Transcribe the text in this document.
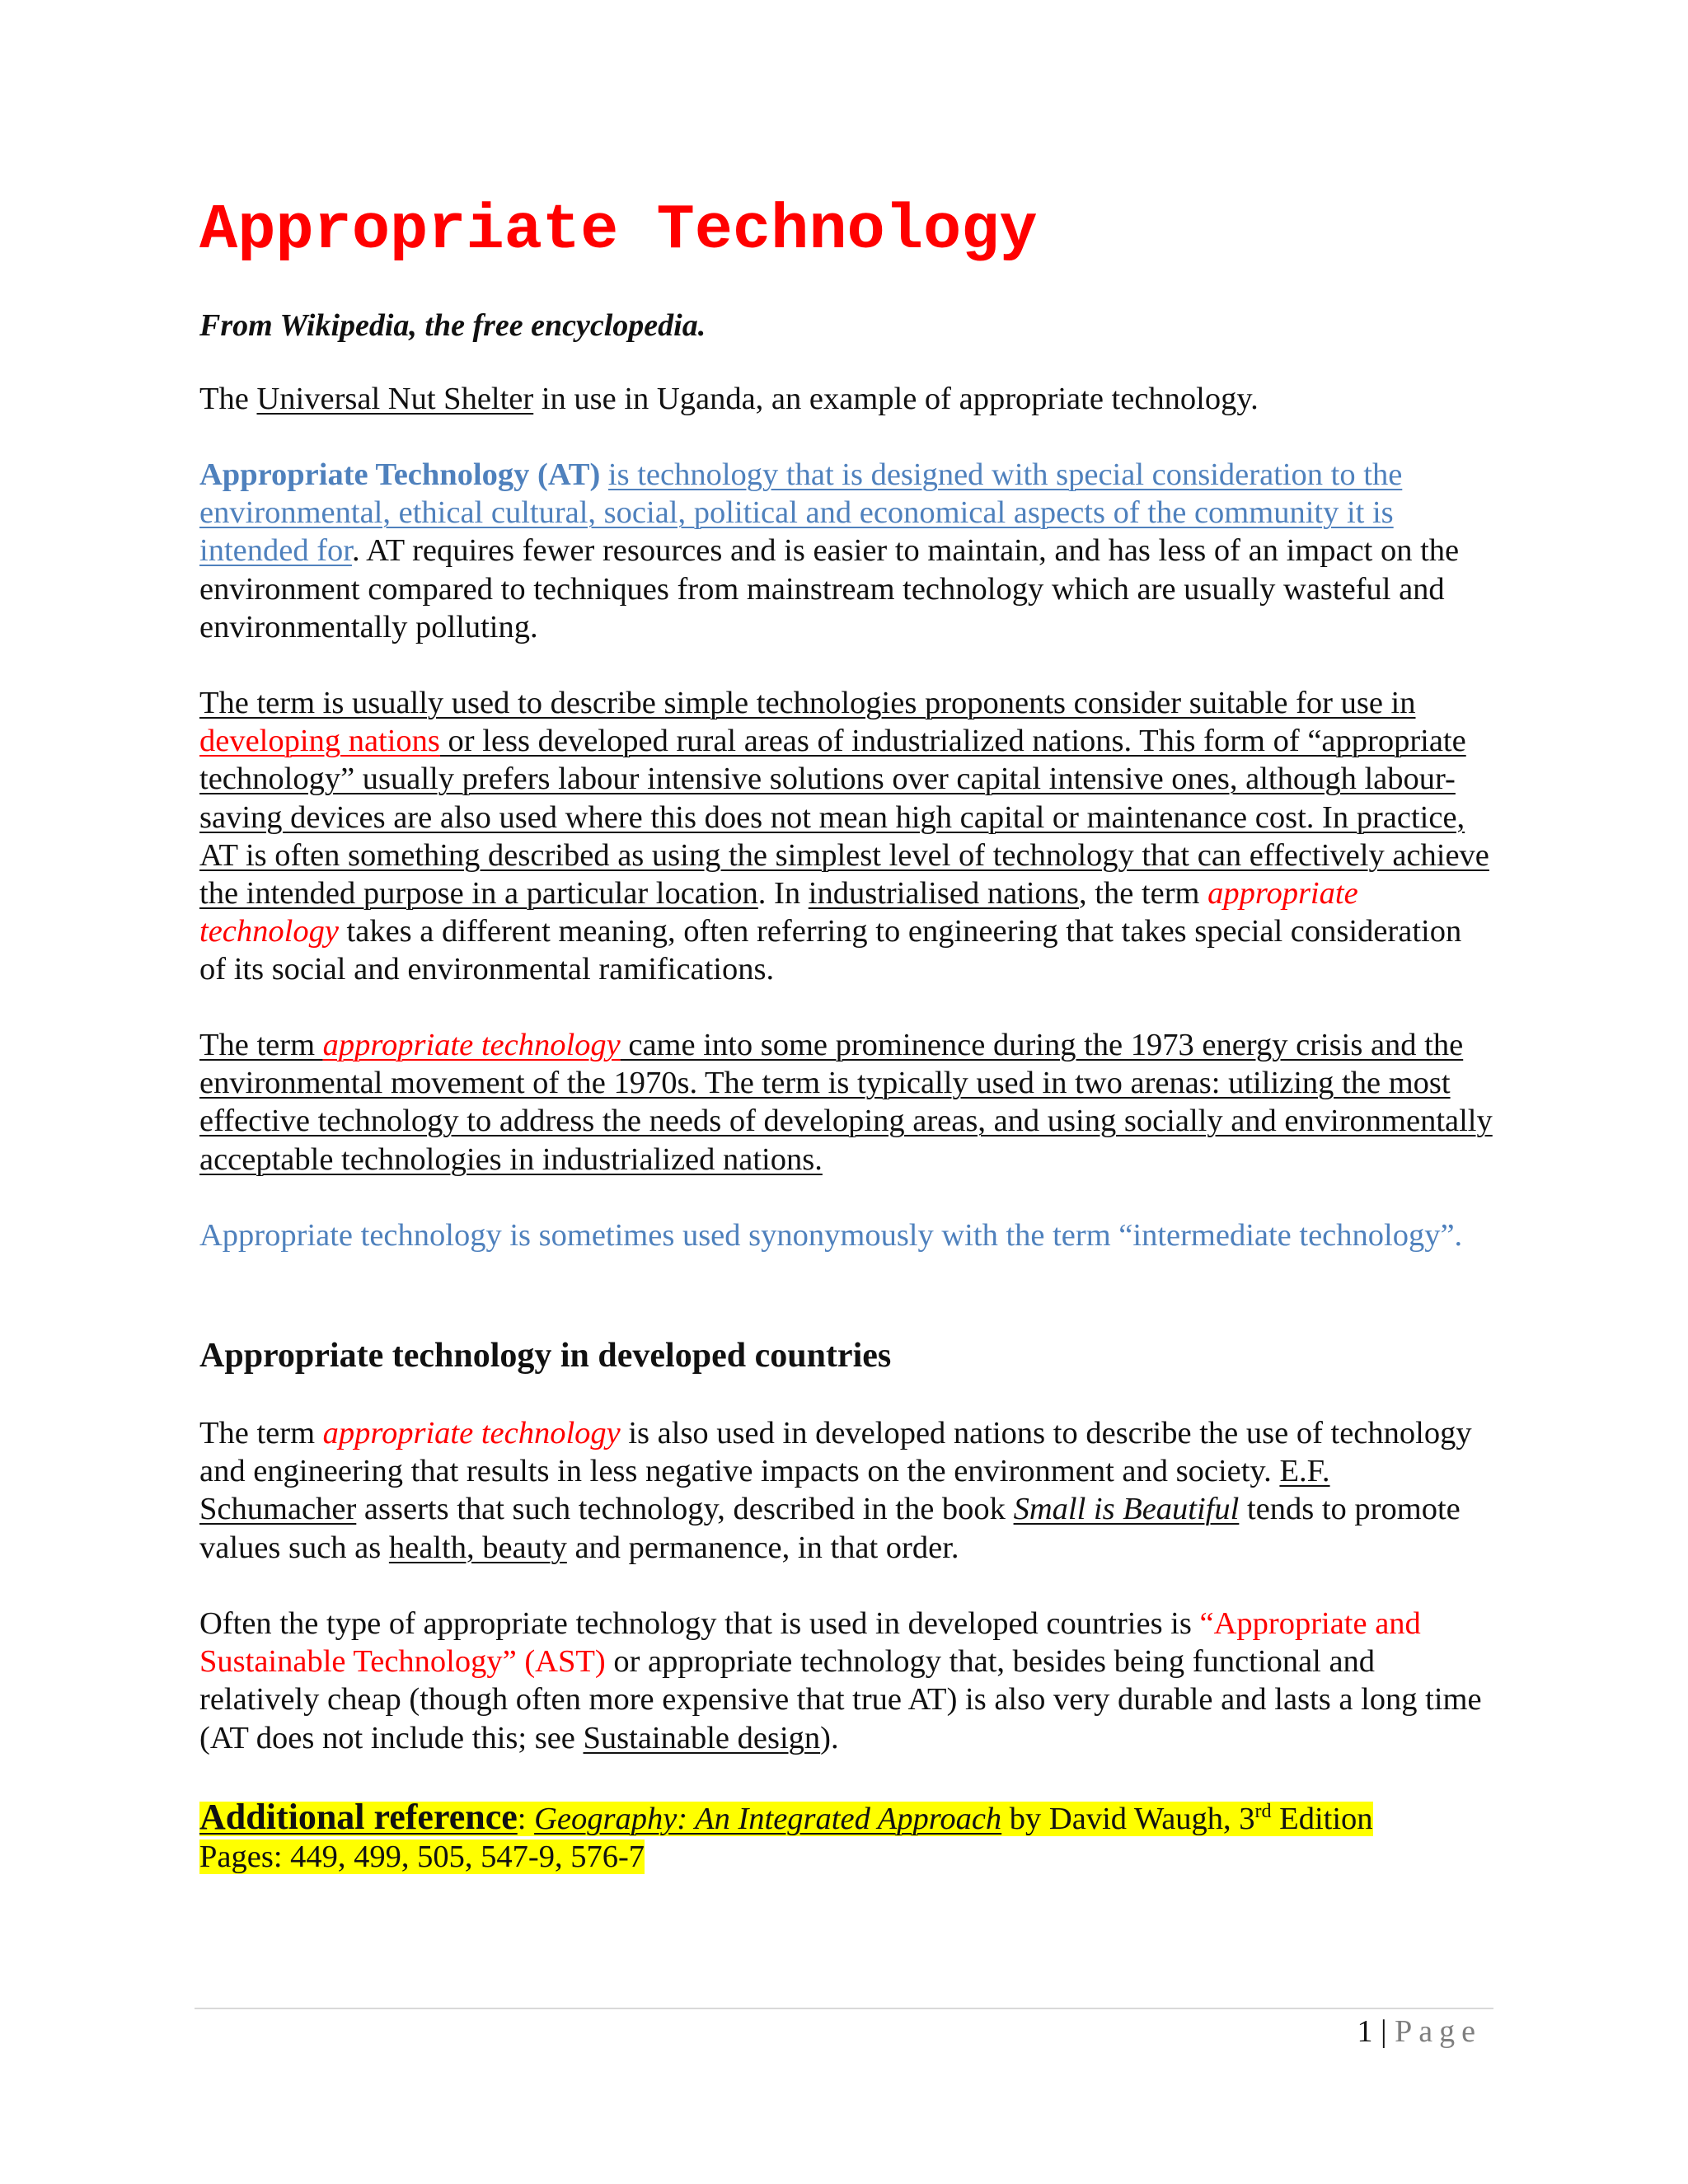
Appropriate Technology

From Wikipedia, the free encyclopedia.

The Universal Nut Shelter in use in Uganda, an example of appropriate technology.

Appropriate Technology (AT) is technology that is designed with special consideration to the environmental, ethical cultural, social, political and economical aspects of the community it is intended for. AT requires fewer resources and is easier to maintain, and has less of an impact on the environment compared to techniques from mainstream technology which are usually wasteful and environmentally polluting.

The term is usually used to describe simple technologies proponents consider suitable for use in developing nations or less developed rural areas of industrialized nations. This form of “appropriate technology” usually prefers labour intensive solutions over capital intensive ones, although labour-saving devices are also used where this does not mean high capital or maintenance cost. In practice, AT is often something described as using the simplest level of technology that can effectively achieve the intended purpose in a particular location. In industrialised nations, the term appropriate technology takes a different meaning, often referring to engineering that takes special consideration of its social and environmental ramifications.

The term appropriate technology came into some prominence during the 1973 energy crisis and the environmental movement of the 1970s. The term is typically used in two arenas: utilizing the most effective technology to address the needs of developing areas, and using socially and environmentally acceptable technologies in industrialized nations.

Appropriate technology is sometimes used synonymously with the term “intermediate technology”.

Appropriate technology in developed countries

The term appropriate technology is also used in developed nations to describe the use of technology and engineering that results in less negative impacts on the environment and society. E.F. Schumacher asserts that such technology, described in the book Small is Beautiful tends to promote values such as health, beauty and permanence, in that order.

Often the type of appropriate technology that is used in developed countries is “Appropriate and Sustainable Technology” (AST) or appropriate technology that, besides being functional and relatively cheap (though often more expensive that true AT) is also very durable and lasts a long time (AT does not include this; see Sustainable design).

Additional reference: Geography: An Integrated Approach by David Waugh, 3rd Edition
Pages: 449, 499, 505, 547-9, 576-7

1 | Page
